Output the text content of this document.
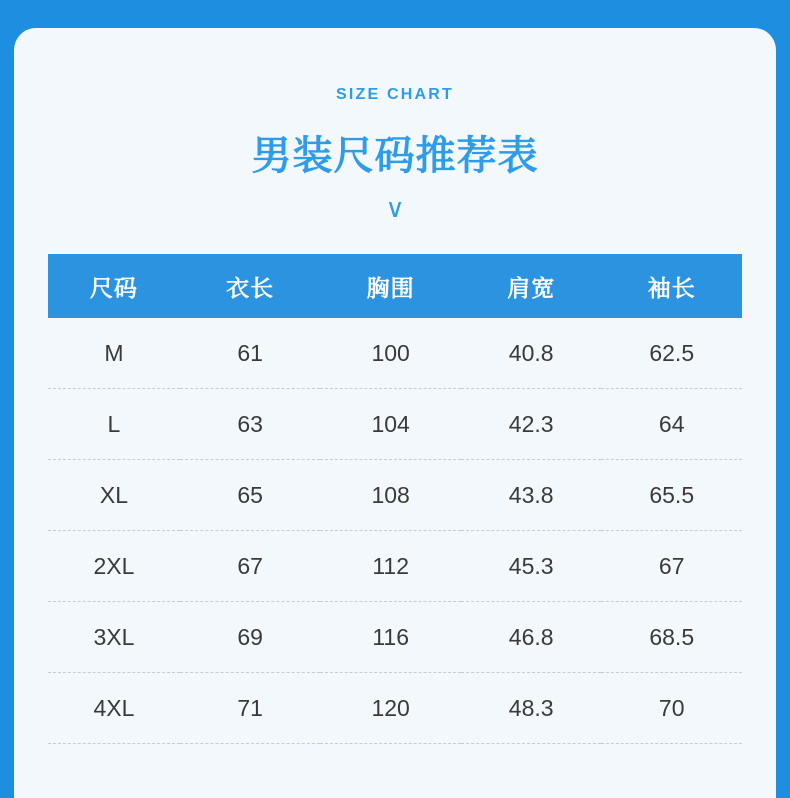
SIZE CHART
男装尺码推荐表
∨
尺码	衣长	胸围	肩宽	袖长
M	61	100	40.8	62.5
L	63	104	42.3	64
XL	65	108	43.8	65.5
2XL	67	112	45.3	67
3XL	69	116	46.8	68.5
4XL	71	120	48.3	70
